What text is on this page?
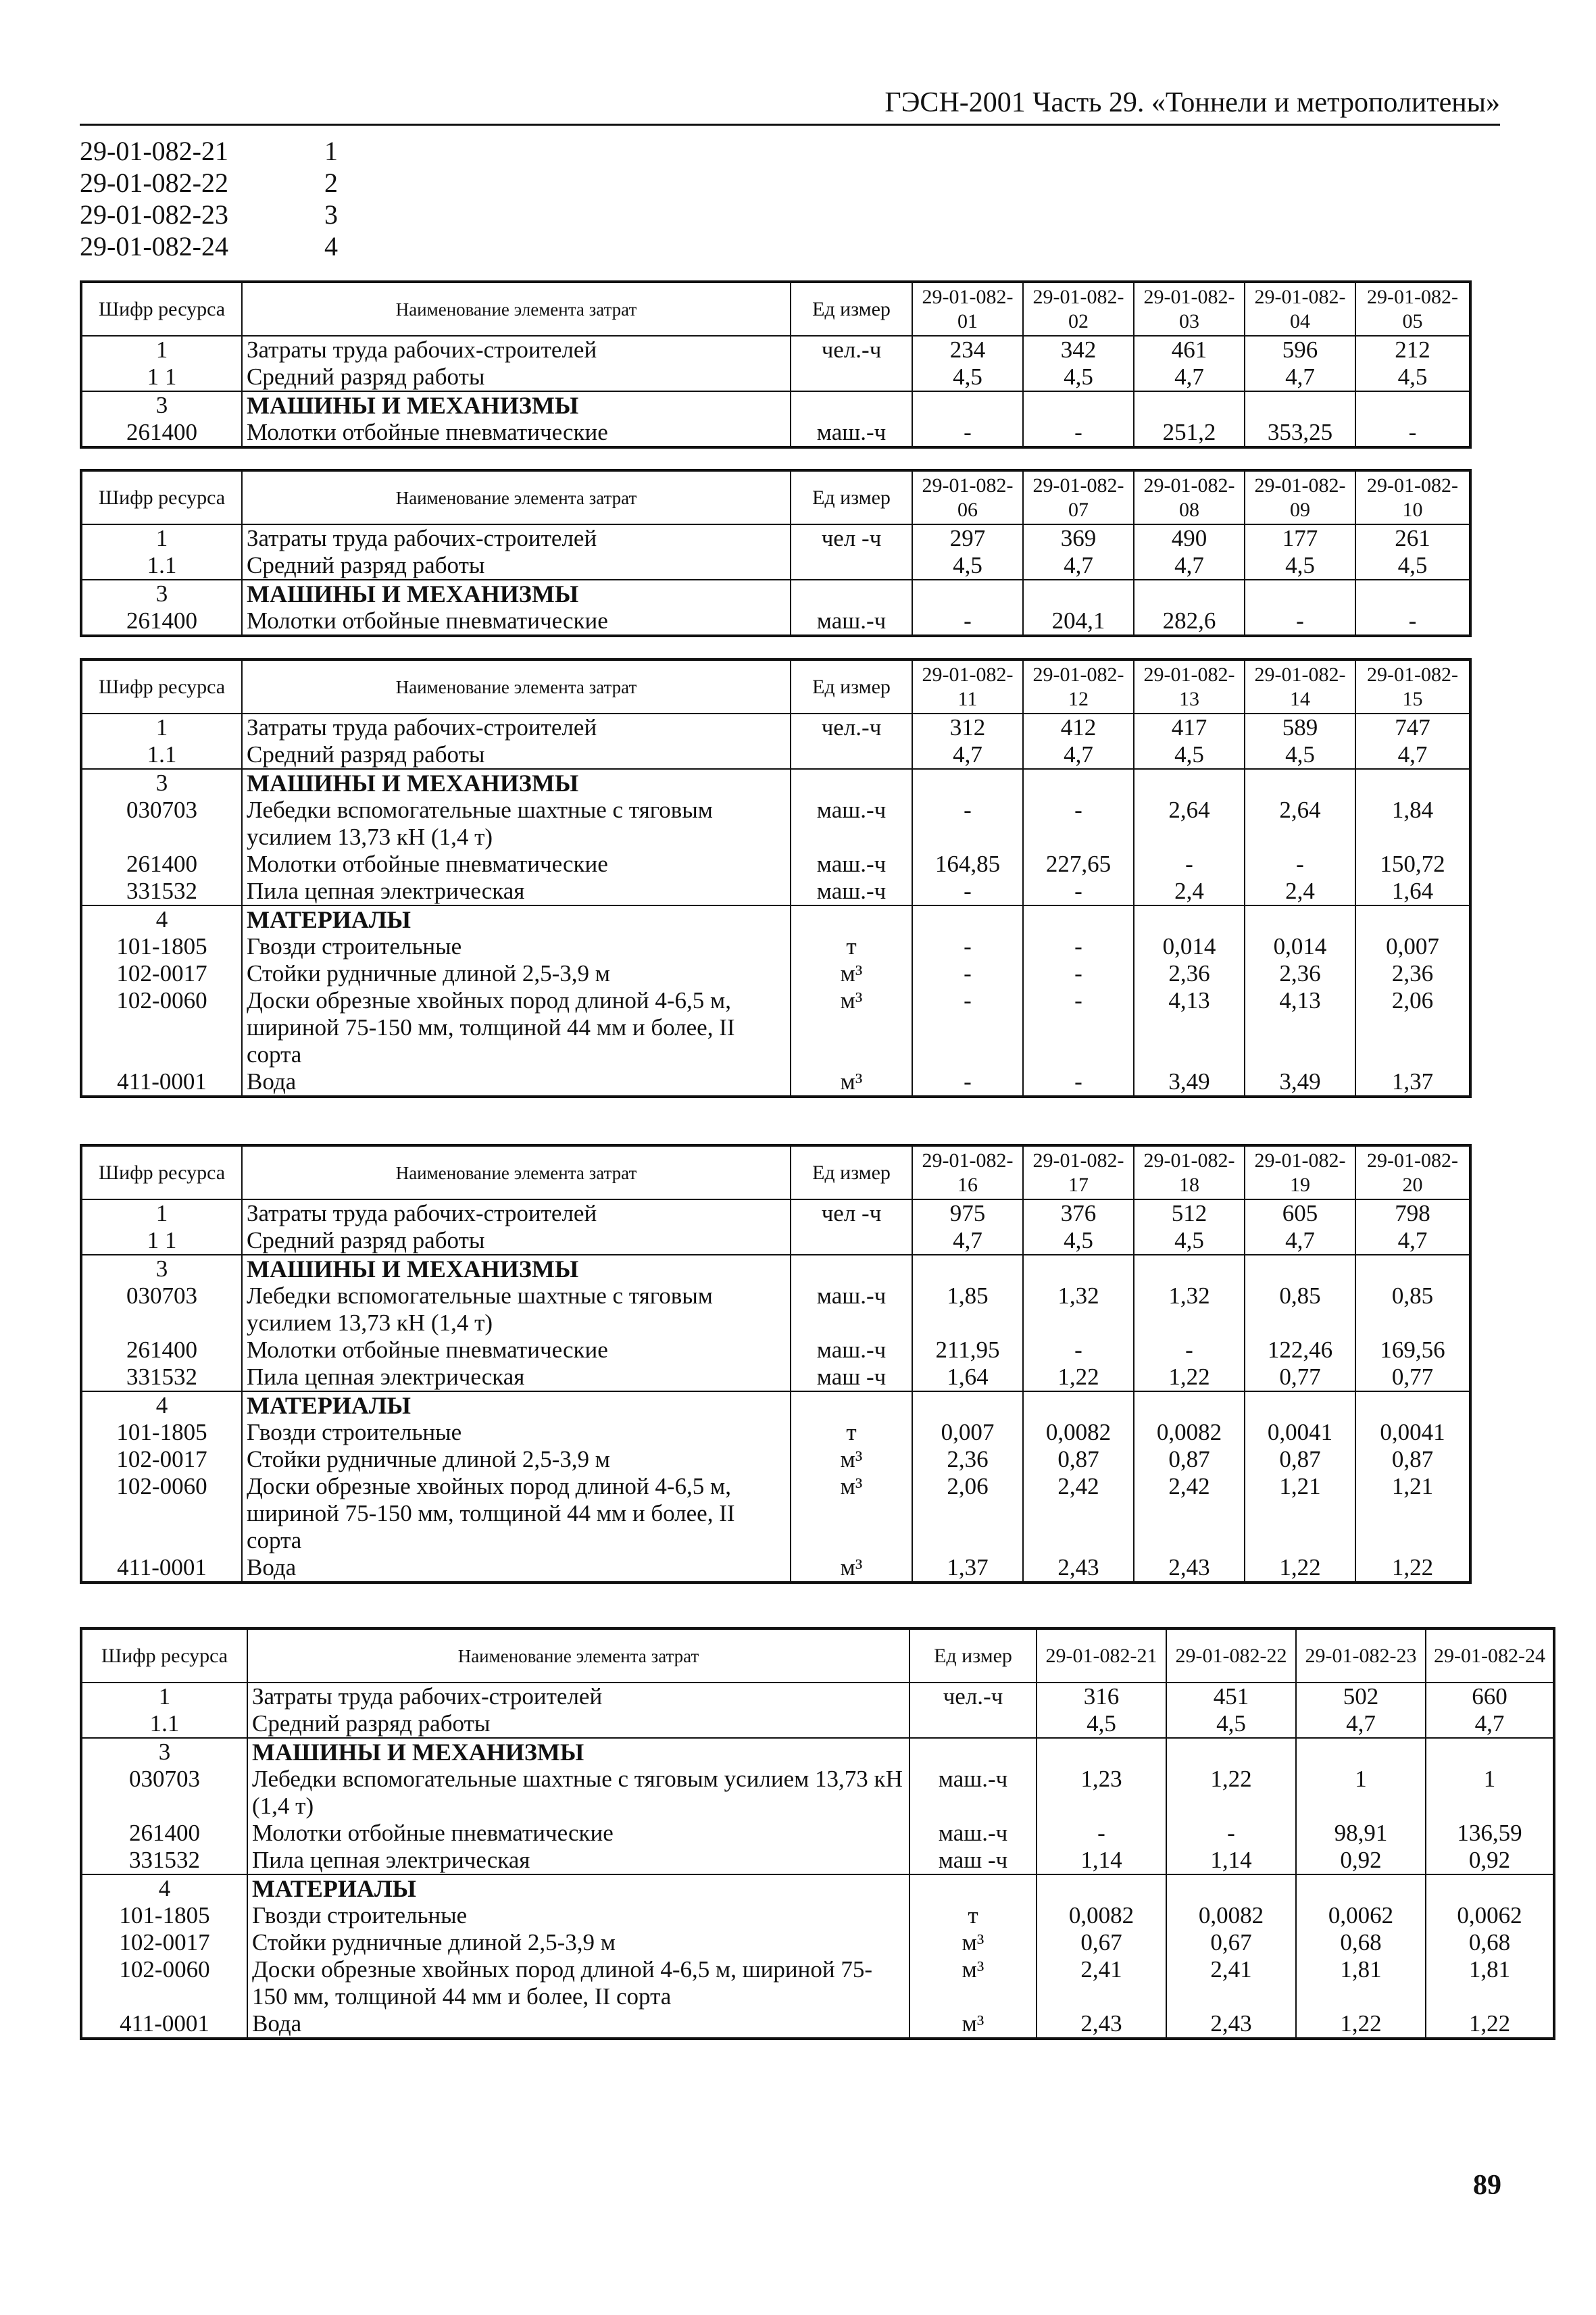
ГЭСН-2001 Часть 29. «Тоннели и метрополитены»
29-01-082-21	1
29-01-082-22	2
29-01-082-23	3
29-01-082-24	4
Шифр ресурса	Наименование элемента затрат	Ед измер	29-01-082-01	29-01-082-02	29-01-082-03	29-01-082-04	29-01-082-05
1	Затраты труда рабочих-строителей	чел.-ч	234	342	461	596	212
1 1	Средний разряд работы		4,5	4,5	4,7	4,7	4,5
3	МАШИНЫ И МЕХАНИЗМЫ						
261400	Молотки отбойные пневматические	маш.-ч	-	-	251,2	353,25	-
Шифр ресурса	Наименование элемента затрат	Ед измер	29-01-082-06	29-01-082-07	29-01-082-08	29-01-082-09	29-01-082-10
1	Затраты труда рабочих-строителей	чел -ч	297	369	490	177	261
1.1	Средний разряд работы		4,5	4,7	4,7	4,5	4,5
3	МАШИНЫ И МЕХАНИЗМЫ						
261400	Молотки отбойные пневматические	маш.-ч	-	204,1	282,6	-	-
Шифр ресурса	Наименование элемента затрат	Ед измер	29-01-082-11	29-01-082-12	29-01-082-13	29-01-082-14	29-01-082-15
1	Затраты труда рабочих-строителей	чел.-ч	312	412	417	589	747
1.1	Средний разряд работы		4,7	4,7	4,5	4,5	4,7
3	МАШИНЫ И МЕХАНИЗМЫ						
030703	Лебедки вспомогательные шахтные с тяговым усилием 13,73 кН (1,4 т)	маш.-ч	-	-	2,64	2,64	1,84
261400	Молотки отбойные пневматические	маш.-ч	164,85	227,65	-	-	150,72
331532	Пила цепная электрическая	маш.-ч	-	-	2,4	2,4	1,64
4	МАТЕРИАЛЫ						
101-1805	Гвозди строительные	т	-	-	0,014	0,014	0,007
102-0017	Стойки рудничные длиной 2,5-3,9 м	м³	-	-	2,36	2,36	2,36
102-0060	Доски обрезные хвойных пород длиной 4-6,5 м, шириной 75-150 мм, толщиной 44 мм и более, II сорта	м³	-	-	4,13	4,13	2,06
411-0001	Вода	м³	-	-	3,49	3,49	1,37
Шифр ресурса	Наименование элемента затрат	Ед измер	29-01-082-16	29-01-082-17	29-01-082-18	29-01-082-19	29-01-082-20
1	Затраты труда рабочих-строителей	чел -ч	975	376	512	605	798
1 1	Средний разряд работы		4,7	4,5	4,5	4,7	4,7
3	МАШИНЫ И МЕХАНИЗМЫ						
030703	Лебедки вспомогательные шахтные с тяговым усилием 13,73 кН (1,4 т)	маш.-ч	1,85	1,32	1,32	0,85	0,85
261400	Молотки отбойные пневматические	маш.-ч	211,95	-	-	122,46	169,56
331532	Пила цепная электрическая	маш -ч	1,64	1,22	1,22	0,77	0,77
4	МАТЕРИАЛЫ						
101-1805	Гвозди строительные	т	0,007	0,0082	0,0082	0,0041	0,0041
102-0017	Стойки рудничные длиной 2,5-3,9 м	м³	2,36	0,87	0,87	0,87	0,87
102-0060	Доски обрезные хвойных пород длиной 4-6,5 м, шириной 75-150 мм, толщиной 44 мм и более, II сорта	м³	2,06	2,42	2,42	1,21	1,21
411-0001	Вода	м³	1,37	2,43	2,43	1,22	1,22
Шифр ресурса	Наименование элемента затрат	Ед измер	29-01-082-21	29-01-082-22	29-01-082-23	29-01-082-24
1	Затраты труда рабочих-строителей	чел.-ч	316	451	502	660
1.1	Средний разряд работы		4,5	4,5	4,7	4,7
3	МАШИНЫ И МЕХАНИЗМЫ					
030703	Лебедки вспомогательные шахтные с тяговым усилием 13,73 кН (1,4 т)	маш.-ч	1,23	1,22	1	1
261400	Молотки отбойные пневматические	маш.-ч	-	-	98,91	136,59
331532	Пила цепная электрическая	маш -ч	1,14	1,14	0,92	0,92
4	МАТЕРИАЛЫ					
101-1805	Гвозди строительные	т	0,0082	0,0082	0,0062	0,0062
102-0017	Стойки рудничные длиной 2,5-3,9 м	м³	0,67	0,67	0,68	0,68
102-0060	Доски обрезные хвойных пород длиной 4-6,5 м, шириной 75-150 мм, толщиной 44 мм и более, II сорта	м³	2,41	2,41	1,81	1,81
411-0001	Вода	м³	2,43	2,43	1,22	1,22
89
